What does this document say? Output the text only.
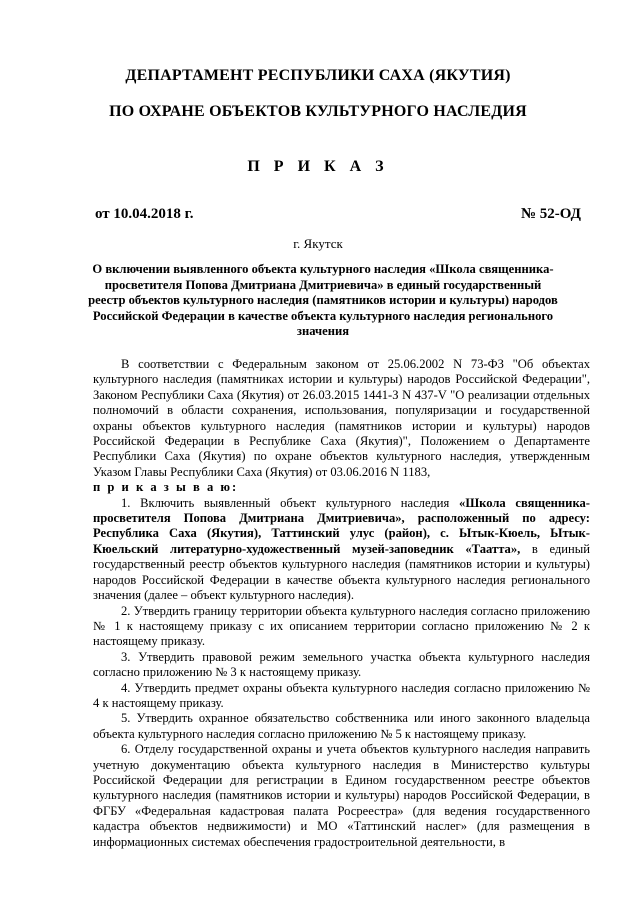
ДЕПАРТАМЕНТ РЕСПУБЛИКИ САХА (ЯКУТИЯ)
ПО ОХРАНЕ ОБЪЕКТОВ КУЛЬТУРНОГО НАСЛЕДИЯ
П Р И К А З
от 10.04.2018 г.	№ 52-ОД
г. Якутск
О включении выявленного объекта культурного наследия «Школа священника-просветителя Попова Дмитриана Дмитриевича» в единый государственный реестр объектов культурного наследия (памятников истории и культуры) народов Российской Федерации в качестве объекта культурного наследия регионального значения

В соответствии с Федеральным законом от 25.06.2002 N 73-ФЗ "Об объектах культурного наследия (памятниках истории и культуры) народов Российской Федерации", Законом Республики Саха (Якутия) от 26.03.2015 1441-З N 437-V "О реализации отдельных полномочий в области сохранения, использования, популяризации и государственной охраны объектов культурного наследия (памятников истории и культуры) народов Российской Федерации в Республике Саха (Якутия)", Положением о Департаменте Республики Саха (Якутия) по охране объектов культурного наследия, утвержденным Указом Главы Республики Саха (Якутия) от 03.06.2016 N 1183,

п р и к а з ы в а ю:

1. Включить выявленный объект культурного наследия «Школа священника-просветителя Попова Дмитриана Дмитриевича», расположенный по адресу: Республика Саха (Якутия), Таттинский улус (район), с. Ытык-Кюель, Ытык-Кюельский литературно-художественный музей-заповедник «Таатта», в единый государственный реестр объектов культурного наследия (памятников истории и культуры) народов Российской Федерации в качестве объекта культурного наследия регионального значения (далее – объект культурного наследия).

2. Утвердить границу территории объекта культурного наследия согласно приложению № 1 к настоящему приказу с их описанием территории согласно приложению № 2 к настоящему приказу.

3. Утвердить правовой режим земельного участка объекта культурного наследия согласно приложению № 3 к настоящему приказу.

4. Утвердить предмет охраны объекта культурного наследия согласно приложению № 4 к настоящему приказу.

5. Утвердить охранное обязательство собственника или иного законного владельца объекта культурного наследия согласно приложению № 5 к настоящему приказу.

6. Отделу государственной охраны и учета объектов культурного наследия направить учетную документацию объекта культурного наследия в Министерство культуры Российской Федерации для регистрации в Едином государственном реестре объектов культурного наследия (памятников истории и культуры) народов Российской Федерации, в ФГБУ «Федеральная кадастровая палата Росреестра» (для ведения государственного кадастра объектов недвижимости) и МО «Таттинский наслег» (для размещения в информационных системах обеспечения градостроительной деятельности, в
